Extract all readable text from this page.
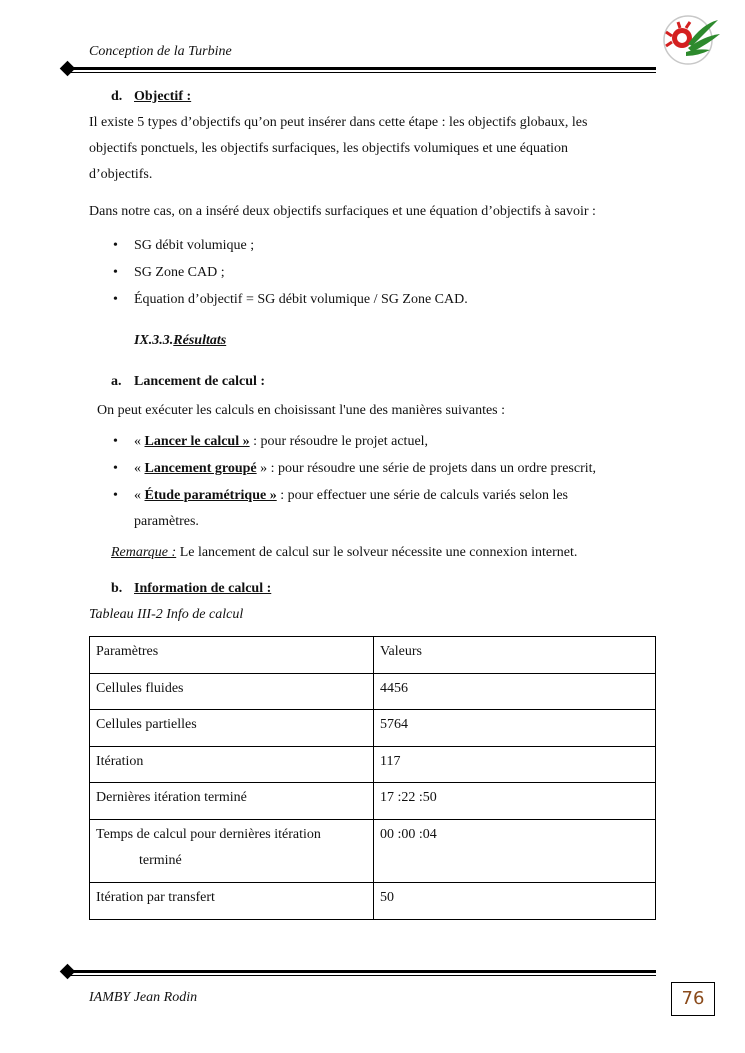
Conception de la Turbine
d. Objectif :
Il existe 5 types d’objectifs qu’on peut insérer dans cette étape : les objectifs globaux, les
objectifs ponctuels, les objectifs surfaciques, les objectifs volumiques et une équation
d’objectifs.
Dans notre cas, on a inséré deux objectifs surfaciques et une équation d’objectifs à savoir :
• SG débit volumique ;
• SG Zone CAD ;
• Équation d’objectif = SG débit volumique / SG Zone CAD.
IX.3.3.Résultats
a. Lancement de calcul :
On peut exécuter les calculs en choisissant l'une des manières suivantes :
• « Lancer le calcul » : pour résoudre le projet actuel,
• « Lancement groupé » : pour résoudre une série de projets dans un ordre prescrit,
• « Étude paramétrique » : pour effectuer une série de calculs variés selon les
paramètres.
Remarque : Le lancement de calcul sur le solveur nécessite une connexion internet.
b. Information de calcul :
Tableau III-2 Info de calcul
Paramètres	Valeurs
Cellules fluides	4456
Cellules partielles	5764
Itération	117
Dernières itération terminé	17 :22 :50

Temps de calcul pour dernières itération
terminé	00 :00 :04
Itération par transfert	50
IAMBY Jean Rodin	76
